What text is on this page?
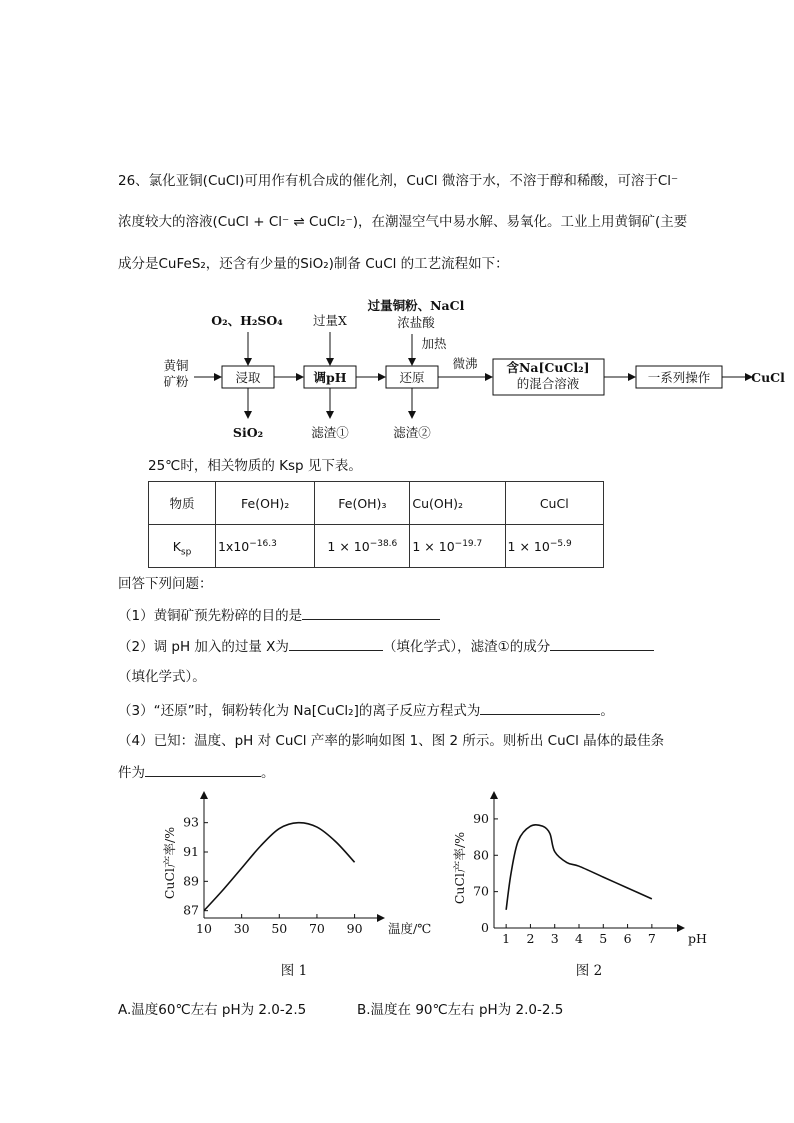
26、氯化亚铜(CuCl)可用作有机合成的催化剂，CuCl 微溶于水，不溶于醇和稀酸，可溶于Cl⁻
浓度较大的溶液(CuCl + Cl⁻ ⇌ CuCl₂⁻)，在潮湿空气中易水解、易氧化。工业上用黄铜矿(主要
成分是CuFeS₂，还含有少量的SiO₂)制备 CuCl 的工艺流程如下：
黄铜
矿粉
O₂、H₂SO₄ 过量X
过量铜粉、NaCl
浓盐酸
加热
浸取	调pH	还原
微沸 含Na[CuCl₂]
的混合溶液	一系列操作	CuCl
SiO₂	滤渣①	滤渣②
25℃时，相关物质的 Ksp 见下表。
物质	Fe(OH)₂	Fe(OH)₃	Cu(OH)₂	CuCl
$K_{sp}$	$1x10^{-16.3}$	$1 \times 10^{-38.6}$	$1 \times 10^{-19.7}$	$1 \times 10^{-5.9}$
回答下列问题：
（1）黄铜矿预先粉碎的目的是
（2）调 pH 加入的过量 X为	（填化学式），滤渣①的成分
（填化学式）。
（3）“还原”时，铜粉转化为 Na[CuCl₂]的离子反应方程式为	。
（4）已知：温度、pH 对 CuCl 产率的影响如图 1、图 2 所示。则析出 CuCl 晶体的最佳条
件为	。
10 30 50 70 90
87
89
91
93
温度/℃
CuCl产率/%
图 1
1 2 3 4 5 6 7
0
70
80
90
pH
CuCl产率/%
图 2
A.温度60℃左右 pH为 2.0-2.5	B.温度在 90℃左右 pH为 2.0-2.5
